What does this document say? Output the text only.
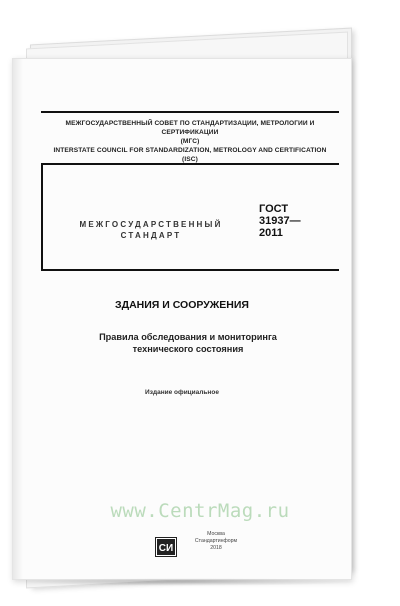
МЕЖГОСУДАРСТВЕННЫЙ СОВЕТ ПО СТАНДАРТИЗАЦИИ, МЕТРОЛОГИИ И СЕРТИФИКАЦИИ
(МГС)
INTERSTATE COUNCIL FOR STANDARDIZATION, METROLOGY AND CERTIFICATION
(ISC)
МЕЖГОСУДАРСТВЕННЫЙ
СТАНДАРТ
ГОСТ
31937—
2011
ЗДАНИЯ И СООРУЖЕНИЯ
Правила обследования и мониторинга
технического состояния
Издание официальное
СИ
Москва
Стандартинформ
2018
www.CentrMag.ru
